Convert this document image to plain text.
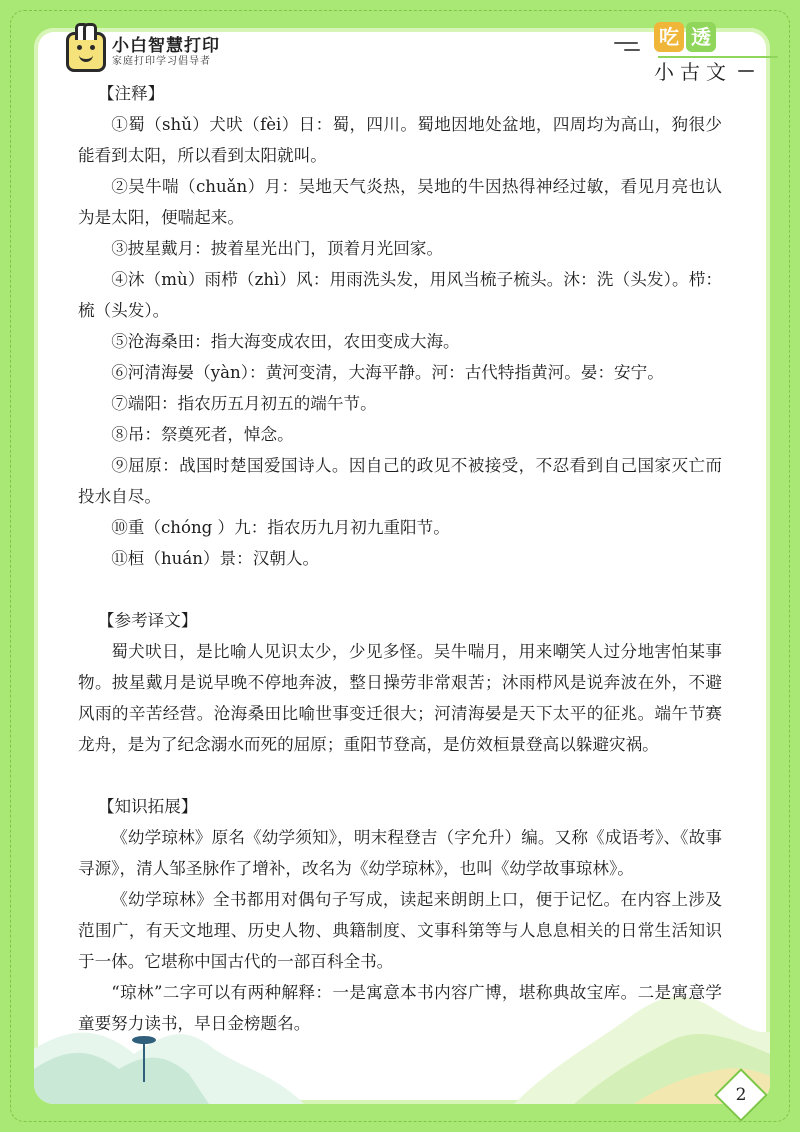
小白智慧打印
家庭打印学习倡导者
吃 透
小古文

【注释】

①蜀（shǔ）犬吠（fèi）日：蜀，四川。蜀地因地处盆地，四周均为高山，狗很少能看到太阳，所以看到太阳就叫。

②吴牛喘（chuǎn）月：吴地天气炎热，吴地的牛因热得神经过敏，看见月亮也认为是太阳，便喘起来。

③披星戴月：披着星光出门，顶着月光回家。

④沐（mù）雨栉（zhì）风：用雨洗头发，用风当梳子梳头。沐：洗（头发）。栉：梳（头发）。

⑤沧海桑田：指大海变成农田，农田变成大海。

⑥河清海晏（yàn）：黄河变清，大海平静。河：古代特指黄河。晏：安宁。

⑦端阳：指农历五月初五的端午节。

⑧吊：祭奠死者，悼念。

⑨屈原：战国时楚国爱国诗人。因自己的政见不被接受，不忍看到自己国家灭亡而投水自尽。

⑩重（chóng ）九：指农历九月初九重阳节。

⑪桓（huán）景：汉朝人。

【参考译文】

蜀犬吠日，是比喻人见识太少，少见多怪。吴牛喘月，用来嘲笑人过分地害怕某事物。披星戴月是说早晚不停地奔波，整日操劳非常艰苦；沐雨栉风是说奔波在外，不避风雨的辛苦经营。沧海桑田比喻世事变迁很大；河清海晏是天下太平的征兆。端午节赛龙舟，是为了纪念溺水而死的屈原；重阳节登高，是仿效桓景登高以躲避灾祸。

【知识拓展】

《幼学琼林》原名《幼学须知》，明末程登吉（字允升）编。又称《成语考》、《故事寻源》，清人邹圣脉作了增补，改名为《幼学琼林》，也叫《幼学故事琼林》。

《幼学琼林》全书都用对偶句子写成，读起来朗朗上口，便于记忆。在内容上涉及范围广，有天文地理、历史人物、典籍制度、文事科第等与人息息相关的日常生活知识于一体。它堪称中国古代的一部百科全书。

“琼林”二字可以有两种解释：一是寓意本书内容广博，堪称典故宝库。二是寓意学童要努力读书，早日金榜题名。

2
